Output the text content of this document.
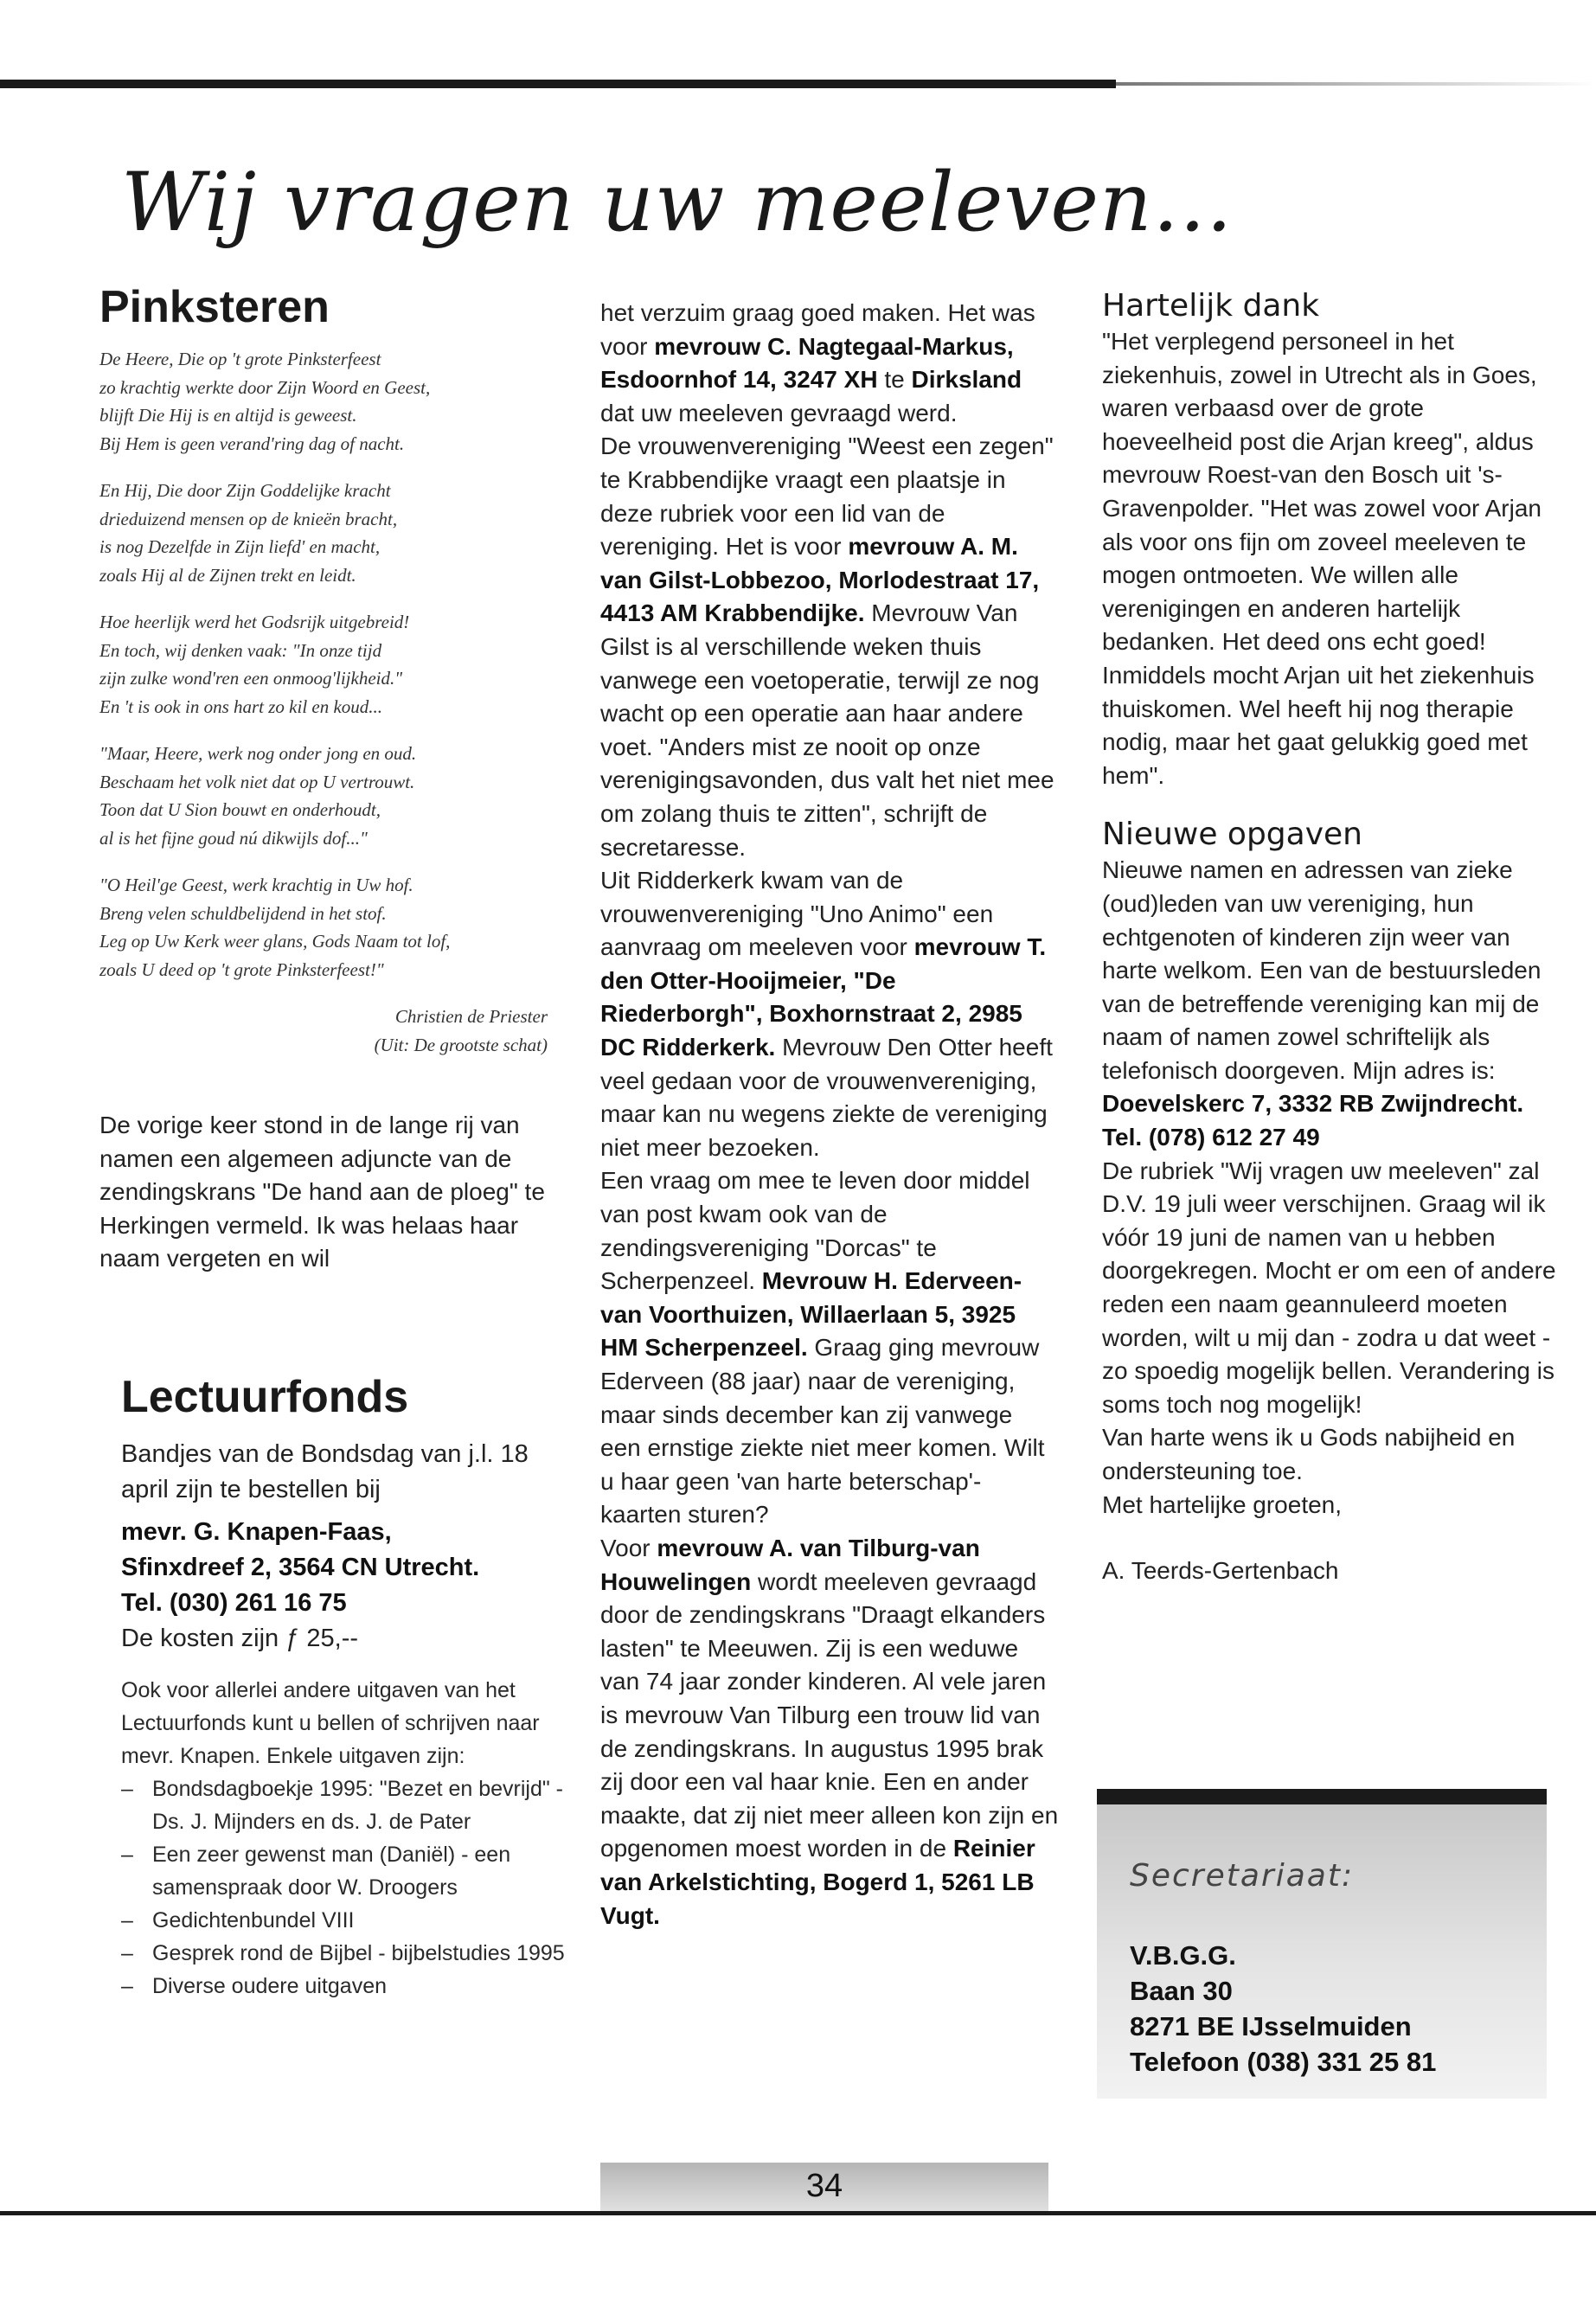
Wij vragen uw meeleven...
Pinksteren
De Heere, Die op 't grote Pinksterfeest
zo krachtig werkte door Zijn Woord en Geest,
blijft Die Hij is en altijd is geweest.
Bij Hem is geen verand'ring dag of nacht.
En Hij, Die door Zijn Goddelijke kracht
drieduizend mensen op de knieën bracht,
is nog Dezelfde in Zijn liefd' en macht,
zoals Hij al de Zijnen trekt en leidt.
Hoe heerlijk werd het Godsrijk uitgebreid!
En toch, wij denken vaak: "In onze tijd
zijn zulke wond'ren een onmoog'lijkheid."
En 't is ook in ons hart zo kil en koud...
"Maar, Heere, werk nog onder jong en oud.
Beschaam het volk niet dat op U vertrouwt.
Toon dat U Sion bouwt en onderhoudt,
al is het fijne goud nú dikwijls dof..."
"O Heil'ge Geest, werk krachtig in Uw hof.
Breng velen schuldbelijdend in het stof.
Leg op Uw Kerk weer glans, Gods Naam tot lof,
zoals U deed op 't grote Pinksterfeest!"
Christien de Priester
(Uit: De grootste schat)

De vorige keer stond in de lange rij van namen een algemeen adjuncte van de zendingskrans "De hand aan de ploeg" te Herkingen vermeld. Ik was helaas haar naam vergeten en wil

Lectuurfonds

Bandjes van de Bondsdag van j.l. 18 april zijn te bestellen bij

mevr. G. Knapen-Faas,
Sfinxdreef 2, 3564 CN Utrecht.
Tel. (030) 261 16 75

De kosten zijn ƒ 25,--

Ook voor allerlei andere uitgaven van het Lectuurfonds kunt u bellen of schrijven naar mevr. Knapen. Enkele uitgaven zijn:

– Bondsdagboekje 1995: "Bezet en bevrijd" - Ds. J. Mijnders en ds. J. de Pater
– Een zeer gewenst man (Daniël) - een samenspraak door W. Droogers
– Gedichtenbundel VIII
– Gesprek rond de Bijbel - bijbelstudies 1995
– Diverse oudere uitgaven

het verzuim graag goed maken. Het was voor mevrouw C. Nagtegaal-Markus, Esdoornhof 14, 3247 XH te Dirksland dat uw meeleven gevraagd werd.

De vrouwenvereniging "Weest een zegen" te Krabbendijke vraagt een plaatsje in deze rubriek voor een lid van de vereniging. Het is voor mevrouw A. M. van Gilst-Lobbezoo, Morlodestraat 17, 4413 AM Krabbendijke. Mevrouw Van Gilst is al verschillende weken thuis vanwege een voetoperatie, terwijl ze nog wacht op een operatie aan haar andere voet. "Anders mist ze nooit op onze verenigingsavonden, dus valt het niet mee om zolang thuis te zitten", schrijft de secretaresse.

Uit Ridderkerk kwam van de vrouwenvereniging "Uno Animo" een aanvraag om meeleven voor mevrouw T. den Otter-Hooijmeier, "De Riederborgh", Boxhornstraat 2, 2985 DC Ridderkerk. Mevrouw Den Otter heeft veel gedaan voor de vrouwenvereniging, maar kan nu wegens ziekte de vereniging niet meer bezoeken.

Een vraag om mee te leven door middel van post kwam ook van de zendingsvereniging "Dorcas" te Scherpenzeel. Mevrouw H. Ederveen-van Voorthuizen, Willaerlaan 5, 3925 HM Scherpenzeel. Graag ging mevrouw Ederveen (88 jaar) naar de vereniging, maar sinds december kan zij vanwege een ernstige ziekte niet meer komen. Wilt u haar geen 'van harte beterschap'-kaarten sturen?

Voor mevrouw A. van Tilburg-van Houwelingen wordt meeleven gevraagd door de zendingskrans "Draagt elkanders lasten" te Meeuwen. Zij is een weduwe van 74 jaar zonder kinderen. Al vele jaren is mevrouw Van Tilburg een trouw lid van de zendingskrans. In augustus 1995 brak zij door een val haar knie. Een en ander maakte, dat zij niet meer alleen kon zijn en opgenomen moest worden in de Reinier van Arkelstichting, Bogerd 1, 5261 LB Vugt.

Hartelijk dank

"Het verplegend personeel in het ziekenhuis, zowel in Utrecht als in Goes, waren verbaasd over de grote hoeveelheid post die Arjan kreeg", aldus mevrouw Roest-van den Bosch uit 's-Gravenpolder. "Het was zowel voor Arjan als voor ons fijn om zoveel meeleven te mogen ontmoeten. We willen alle verenigingen en anderen hartelijk bedanken. Het deed ons echt goed! Inmiddels mocht Arjan uit het ziekenhuis thuiskomen. Wel heeft hij nog therapie nodig, maar het gaat gelukkig goed met hem".

Nieuwe opgaven

Nieuwe namen en adressen van zieke (oud)leden van uw vereniging, hun echtgenoten of kinderen zijn weer van harte welkom. Een van de bestuursleden van de betreffende vereniging kan mij de naam of namen zowel schriftelijk als telefonisch doorgeven. Mijn adres is: Doevelskerc 7, 3332 RB Zwijndrecht. Tel. (078) 612 27 49

De rubriek "Wij vragen uw meeleven" zal D.V. 19 juli weer verschijnen. Graag wil ik vóór 19 juni de namen van u hebben doorgekregen. Mocht er om een of andere reden een naam geannuleerd moeten worden, wilt u mij dan - zodra u dat weet - zo spoedig mogelijk bellen. Verandering is soms toch nog mogelijk!

Van harte wens ik u Gods nabijheid en ondersteuning toe.

Met hartelijke groeten,

A. Teerds-Gertenbach

Secretariaat:
V.B.G.G.
Baan 30
8271 BE IJsselmuiden
Telefoon (038) 331 25 81
34
